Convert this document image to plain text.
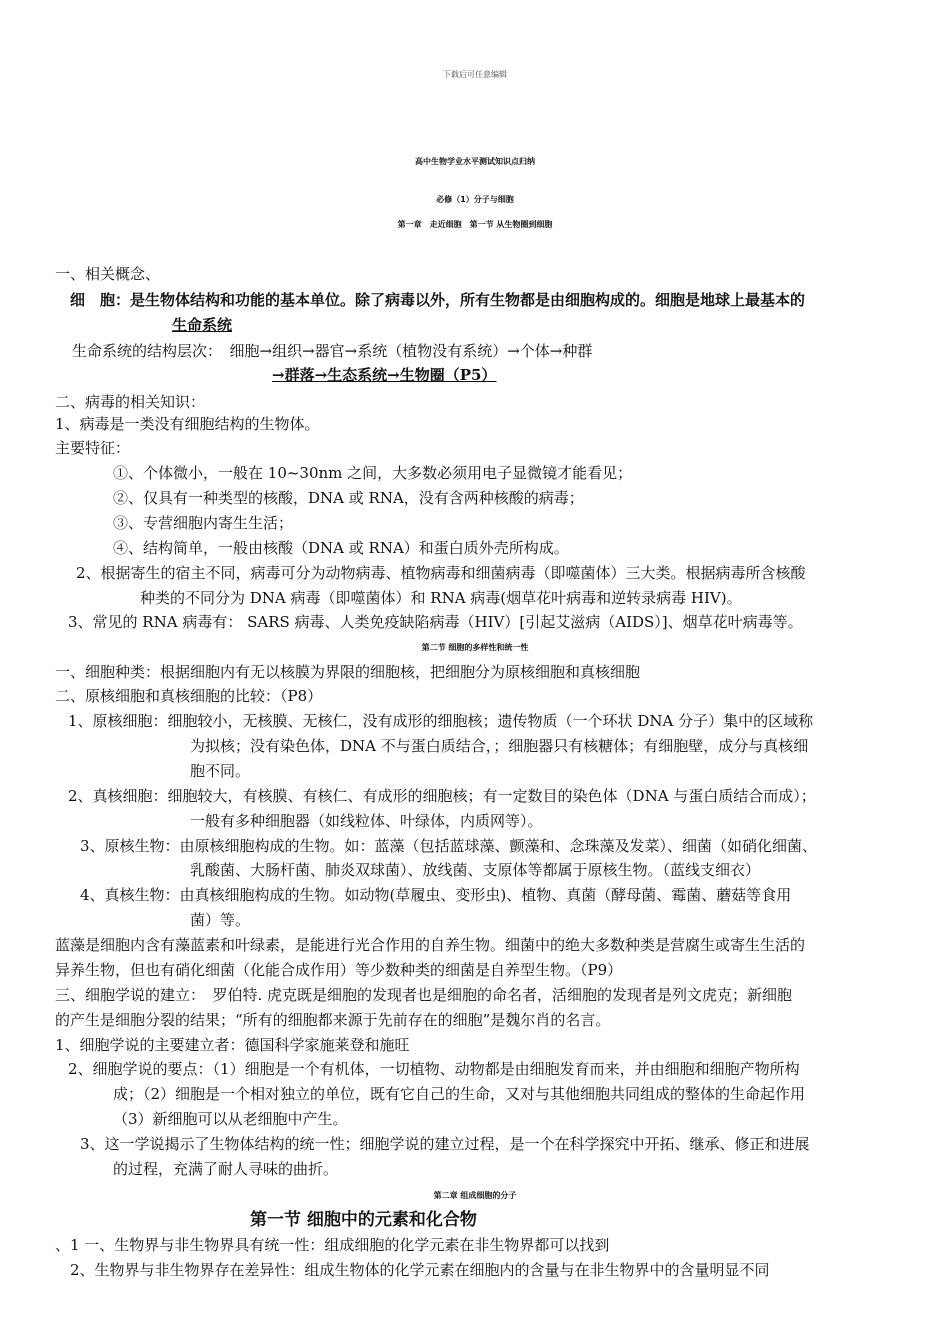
下载后可任意编辑
高中生物学业水平测试知识点归纳
必修（1）分子与细胞
第一章　走近细胞　第一节 从生物圈到细胞
一、相关概念、
细　胞：是生物体结构和功能的基本单位。除了病毒以外，所有生物都是由细胞构成的。细胞是地球上最基本的
生命系统
生命系统的结构层次：　细胞→组织→器官→系统（植物没有系统）→个体→种群
→群落→生态系统→生物圈（P5）
二、病毒的相关知识：
1、病毒是一类没有细胞结构的生物体。
主要特征：
①、个体微小，一般在 10~30nm 之间，大多数必须用电子显微镜才能看见；
②、仅具有一种类型的核酸，DNA 或 RNA，没有含两种核酸的病毒；
③、专营细胞内寄生生活；
④、结构简单，一般由核酸（DNA 或 RNA）和蛋白质外壳所构成。
2、根据寄生的宿主不同，病毒可分为动物病毒、植物病毒和细菌病毒（即噬菌体）三大类。根据病毒所含核酸
种类的不同分为 DNA 病毒（即噬菌体）和 RNA 病毒(烟草花叶病毒和逆转录病毒 HIV)。
3、常见的 RNA 病毒有： SARS 病毒、人类免疫缺陷病毒（HIV）[引起艾滋病（AIDS）]、烟草花叶病毒等。
第二节 细胞的多样性和统一性
一、细胞种类：根据细胞内有无以核膜为界限的细胞核，把细胞分为原核细胞和真核细胞
二、原核细胞和真核细胞的比较：（P8）
1、原核细胞：细胞较小，无核膜、无核仁，没有成形的细胞核；遗传物质（一个环状 DNA 分子）集中的区域称
为拟核；没有染色体，DNA 不与蛋白质结合，；细胞器只有核糖体；有细胞壁，成分与真核细
胞不同。
2、真核细胞：细胞较大，有核膜、有核仁、有成形的细胞核；有一定数目的染色体（DNA 与蛋白质结合而成）；
一般有多种细胞器（如线粒体、叶绿体，内质网等）。
3、原核生物：由原核细胞构成的生物。如：蓝藻（包括蓝球藻、颤藻和、念珠藻及发菜）、细菌（如硝化细菌、
乳酸菌、大肠杆菌、肺炎双球菌）、放线菌、支原体等都属于原核生物。（蓝线支细衣）
4、真核生物：由真核细胞构成的生物。如动物(草履虫、变形虫)、植物、真菌（酵母菌、霉菌、蘑菇等食用
菌）等。
蓝藻是细胞内含有藻蓝素和叶绿素，是能进行光合作用的自养生物。细菌中的绝大多数种类是营腐生或寄生生活的
异养生物，但也有硝化细菌（化能合成作用）等少数种类的细菌是自养型生物。（P9）
三、细胞学说的建立：　罗伯特. 虎克既是细胞的发现者也是细胞的命名者，活细胞的发现者是列文虎克；新细胞
的产生是细胞分裂的结果；“所有的细胞都来源于先前存在的细胞”是魏尔肖的名言。
1、细胞学说的主要建立者：德国科学家施莱登和施旺
2、细胞学说的要点：（1）细胞是一个有机体，一切植物、动物都是由细胞发育而来，并由细胞和细胞产物所构
成；（2）细胞是一个相对独立的单位，既有它自己的生命，又对与其他细胞共同组成的整体的生命起作用
（3）新细胞可以从老细胞中产生。
3、这一学说揭示了生物体结构的统一性；细胞学说的建立过程，是一个在科学探究中开拓、继承、修正和进展
的过程，充满了耐人寻味的曲折。
第二章 组成细胞的分子
第一节 细胞中的元素和化合物
、1 一、生物界与非生物界具有统一性：组成细胞的化学元素在非生物界都可以找到
2、生物界与非生物界存在差异性：组成生物体的化学元素在细胞内的含量与在非生物界中的含量明显不同
